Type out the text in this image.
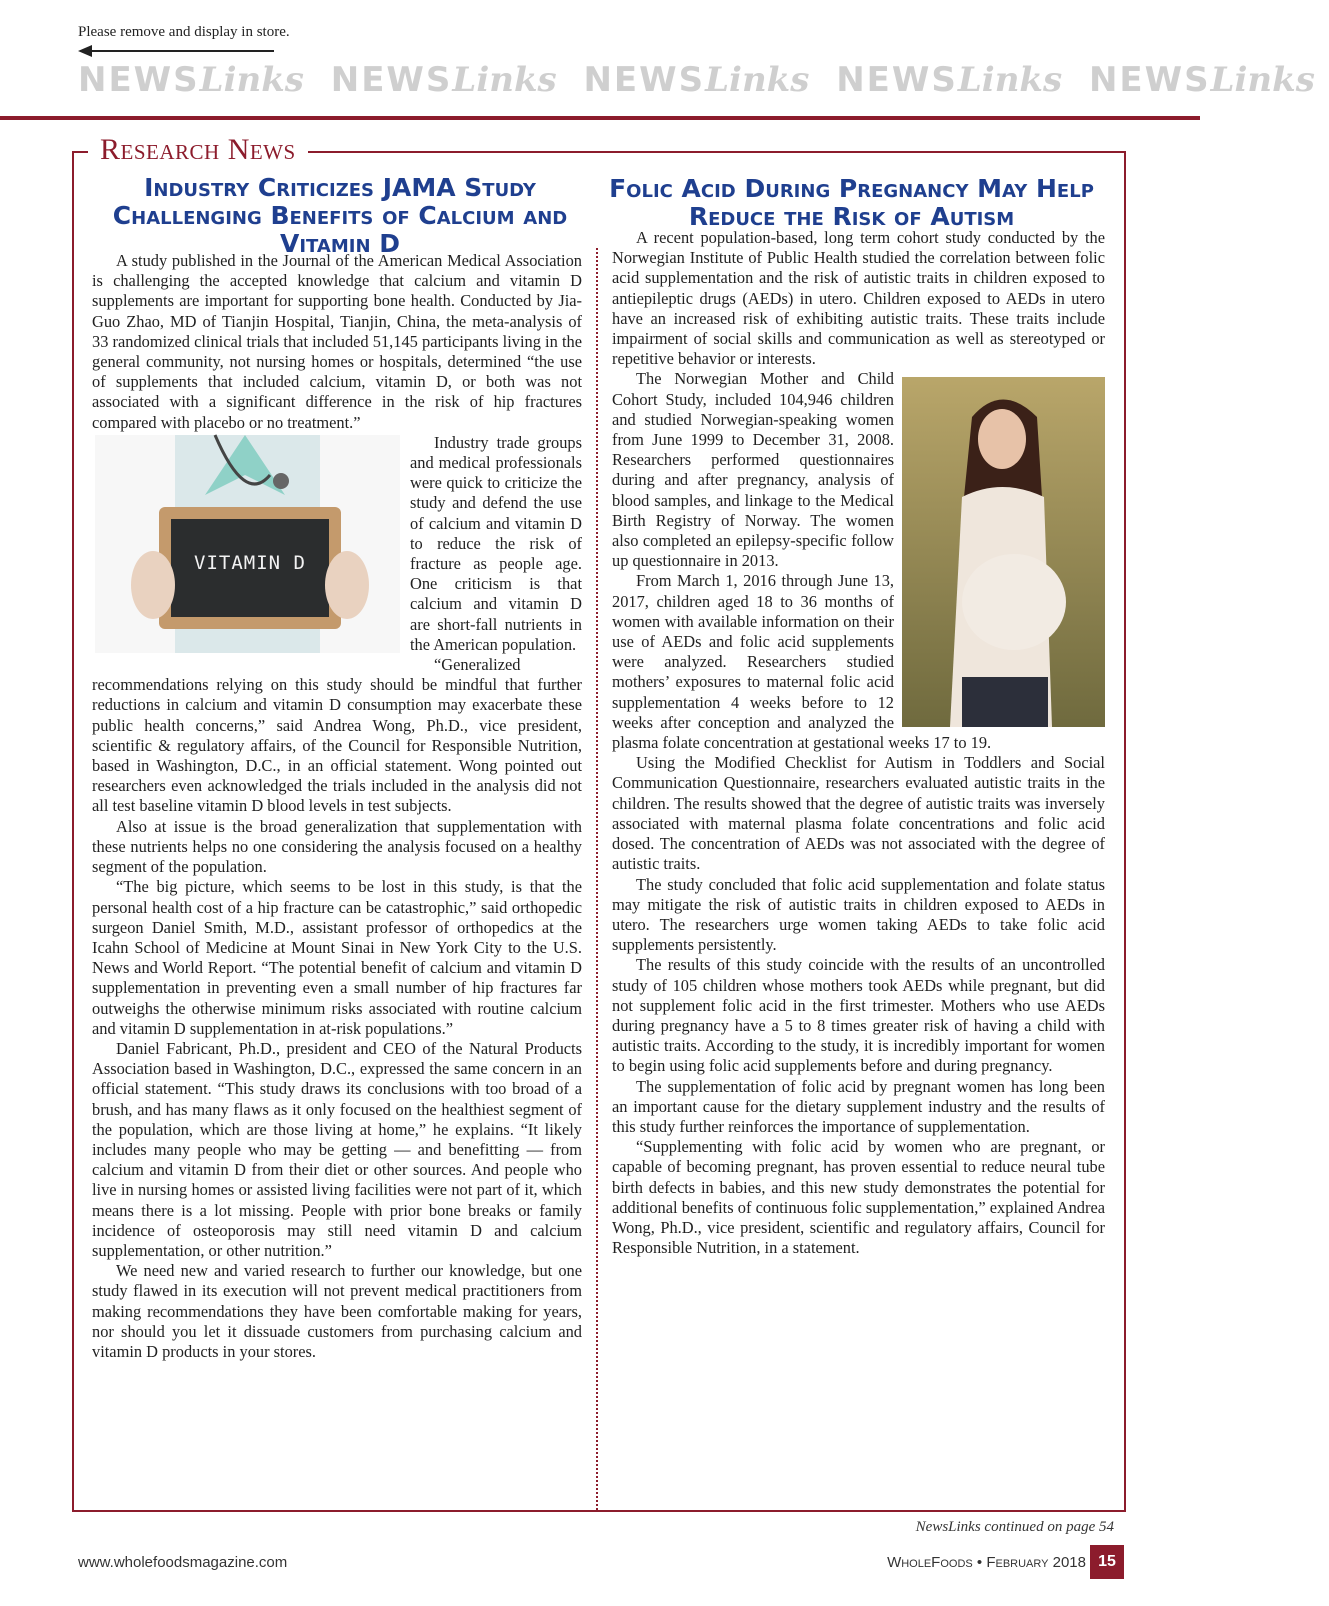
Please remove and display in store.
NEWSLinks NEWSLinks NEWSLinks NEWSLinks NEWSLinks
Research News
Industry Criticizes JAMA Study Challenging Benefits of Calcium and Vitamin D
Folic Acid During Pregnancy May Help Reduce the Risk of Autism

A study published in the Journal of the American Medical Association is challenging the accepted knowledge that calcium and vitamin D supplements are important for supporting bone health. Conducted by Jia-Guo Zhao, MD of Tianjin Hospital, Tianjin, China, the meta-analysis of 33 randomized clinical trials that included 51,145 participants living in the general community, not nursing homes or hospitals, determined “the use of supplements that included calcium, vitamin D, or both was not associated with a significant difference in the risk of hip fractures compared with placebo or no treatment.”

VITAMIN D

Industry trade groups and medical professionals were quick to criticize the study and defend the use of calcium and vitamin D to reduce the risk of fracture as people age. One criticism is that calcium and vitamin D are short-fall nutrients in the American population.

“Generalized recommendations relying on this study should be mindful that further reductions in calcium and vitamin D consumption may exacerbate these public health concerns,” said Andrea Wong, Ph.D., vice president, scientific & regulatory affairs, of the Council for Responsible Nutrition, based in Washington, D.C., in an official statement. Wong pointed out researchers even acknowledged the trials included in the analysis did not all test baseline vitamin D blood levels in test subjects.

Also at issue is the broad generalization that supplementation with these nutrients helps no one considering the analysis focused on a healthy segment of the population.

“The big picture, which seems to be lost in this study, is that the personal health cost of a hip fracture can be catastrophic,” said orthopedic surgeon Daniel Smith, M.D., assistant professor of orthopedics at the Icahn School of Medicine at Mount Sinai in New York City to the U.S. News and World Report. “The potential benefit of calcium and vitamin D supplementation in preventing even a small number of hip fractures far outweighs the otherwise minimum risks associated with routine calcium and vitamin D supplementation in at-risk populations.”

Daniel Fabricant, Ph.D., president and CEO of the Natural Products Association based in Washington, D.C., expressed the same concern in an official statement. “This study draws its conclusions with too broad of a brush, and has many flaws as it only focused on the healthiest segment of the population, which are those living at home,” he explains. “It likely includes many people who may be getting — and benefitting — from calcium and vitamin D from their diet or other sources. And people who live in nursing homes or assisted living facilities were not part of it, which means there is a lot missing. People with prior bone breaks or family incidence of osteoporosis may still need vitamin D and calcium supplementation, or other nutrition.”

We need new and varied research to further our knowledge, but one study flawed in its execution will not prevent medical practitioners from making recommendations they have been comfortable making for years, nor should you let it dissuade customers from purchasing calcium and vitamin D products in your stores.

A recent population-based, long term cohort study conducted by the Norwegian Institute of Public Health studied the correlation between folic acid supplementation and the risk of autistic traits in children exposed to antiepileptic drugs (AEDs) in utero. Children exposed to AEDs in utero have an increased risk of exhibiting autistic traits. These traits include impairment of social skills and communication as well as stereotyped or repetitive behavior or interests.

The Norwegian Mother and Child Cohort Study, included 104,946 children and studied Norwegian-speaking women from June 1999 to December 31, 2008. Researchers performed questionnaires during and after pregnancy, analysis of blood samples, and linkage to the Medical Birth Registry of Norway. The women also completed an epilepsy-specific follow up questionnaire in 2013.

From March 1, 2016 through June 13, 2017, children aged 18 to 36 months of women with available information on their use of AEDs and folic acid supplements were analyzed. Researchers studied mothers’ exposures to maternal folic acid supplementation 4 weeks before to 12 weeks after conception and analyzed the plasma folate concentration at gestational weeks 17 to 19.

Using the Modified Checklist for Autism in Toddlers and Social Communication Questionnaire, researchers evaluated autistic traits in the children. The results showed that the degree of autistic traits was inversely associated with maternal plasma folate concentrations and folic acid dosed. The concentration of AEDs was not associated with the degree of autistic traits.

The study concluded that folic acid supplementation and folate status may mitigate the risk of autistic traits in children exposed to AEDs in utero. The researchers urge women taking AEDs to take folic acid supplements persistently.

The results of this study coincide with the results of an uncontrolled study of 105 children whose mothers took AEDs while pregnant, but did not supplement folic acid in the first trimester. Mothers who use AEDs during pregnancy have a 5 to 8 times greater risk of having a child with autistic traits. According to the study, it is incredibly important for women to begin using folic acid supplements before and during pregnancy.

The supplementation of folic acid by pregnant women has long been an important cause for the dietary supplement industry and the results of this study further reinforces the importance of supplementation.

“Supplementing with folic acid by women who are pregnant, or capable of becoming pregnant, has proven essential to reduce neural tube birth defects in babies, and this new study demonstrates the potential for additional benefits of continuous folic supplementation,” explained Andrea Wong, Ph.D., vice president, scientific and regulatory affairs, Council for Responsible Nutrition, in a statement.

NewsLinks continued on page 54
www.wholefoodsmagazine.com	WholeFoods • February 2018 15
